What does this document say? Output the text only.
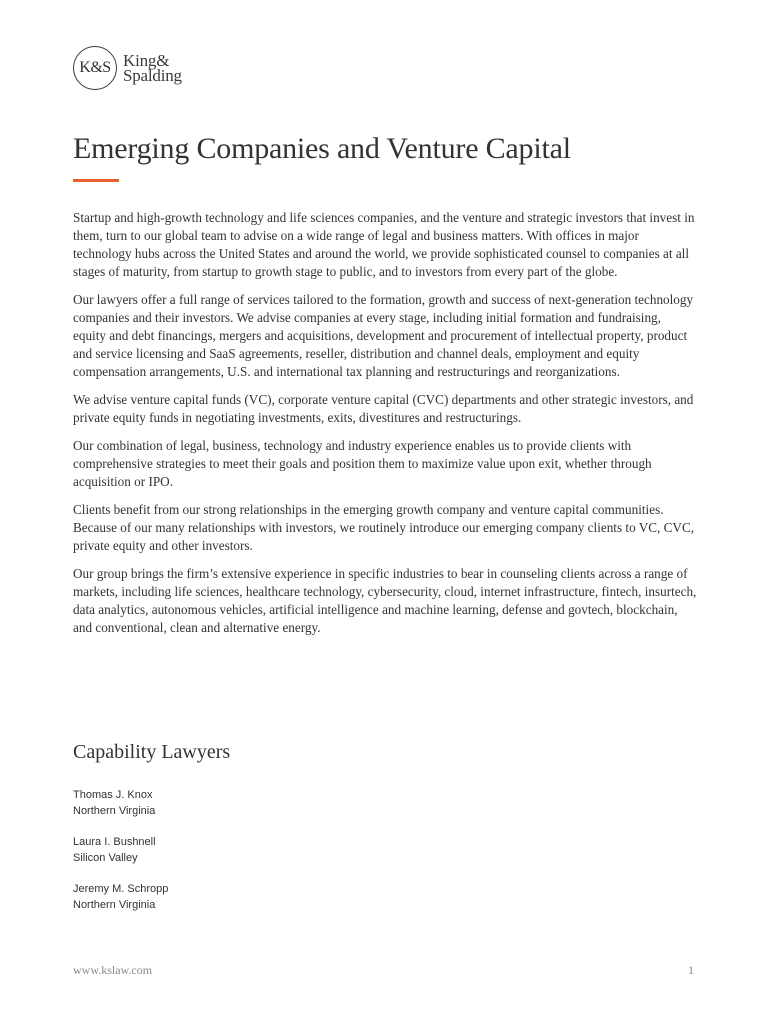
K&S King&
Spalding
Emerging Companies and Venture Capital

Startup and high-growth technology and life sciences companies, and the venture and strategic investors that invest in them, turn to our global team to advise on a wide range of legal and business matters. With offices in major technology hubs across the United States and around the world, we provide sophisticated counsel to companies at all stages of maturity, from startup to growth stage to public, and to investors from every part of the globe.

Our lawyers offer a full range of services tailored to the formation, growth and success of next-generation technology companies and their investors. We advise companies at every stage, including initial formation and fundraising, equity and debt financings, mergers and acquisitions, development and procurement of intellectual property, product and service licensing and SaaS agreements, reseller, distribution and channel deals, employment and equity compensation arrangements, U.S. and international tax planning and restructurings and reorganizations.

We advise venture capital funds (VC), corporate venture capital (CVC) departments and other strategic investors, and private equity funds in negotiating investments, exits, divestitures and restructurings.

Our combination of legal, business, technology and industry experience enables us to provide clients with comprehensive strategies to meet their goals and position them to maximize value upon exit, whether through acquisition or IPO.

Clients benefit from our strong relationships in the emerging growth company and venture capital communities. Because of our many relationships with investors, we routinely introduce our emerging company clients to VC, CVC, private equity and other investors.

Our group brings the firm’s extensive experience in specific industries to bear in counseling clients across a range of markets, including life sciences, healthcare technology, cybersecurity, cloud, internet infrastructure, fintech, insurtech, data analytics, autonomous vehicles, artificial intelligence and machine learning, defense and govtech, blockchain, and conventional, clean and alternative energy.

Capability Lawyers
Thomas J. Knox
Northern Virginia
Laura I. Bushnell
Silicon Valley
Jeremy M. Schropp
Northern Virginia
www.kslaw.com	1
